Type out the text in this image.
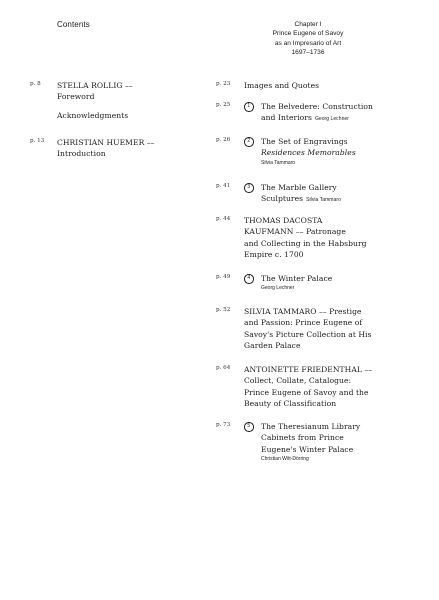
Contents	Chapter I
Prince Eugene of Savoy
as an Impresario of Art
1697–1736
p. 8 STELLA ROLLIG ––
Foreword
Acknowledgments
p. 13 CHRISTIAN HUEMER ––
Introduction
p. 23 Images and Quotes
p. 25	1	The Belvedere: Construction
and Interiors Georg Lechner
p. 26	2	The Set of Engravings
Residences Memorables
Silvia Tammaro
p. 41	3	The Marble Gallery
Sculptures Silvia Tammaro
p. 44 THOMAS DACOSTA
KAUFMANN –– Patronage
and Collecting in the Habsburg
Empire c. 1700
p. 49	4	The Winter Palace
Georg Lechner
p. 52 SILVIA TAMMARO –– Prestige
and Passion: Prince Eugene of
Savoy's Picture Collection at His
Garden Palace
p. 64 ANTOINETTE FRIEDENTHAL ––
Collect, Collate, Catalogue:
Prince Eugene of Savoy and the
Beauty of Classification
p. 73	5	The Theresianum Library
Cabinets from Prince
Eugene's Winter Palace
Christian Witt-Dörring
